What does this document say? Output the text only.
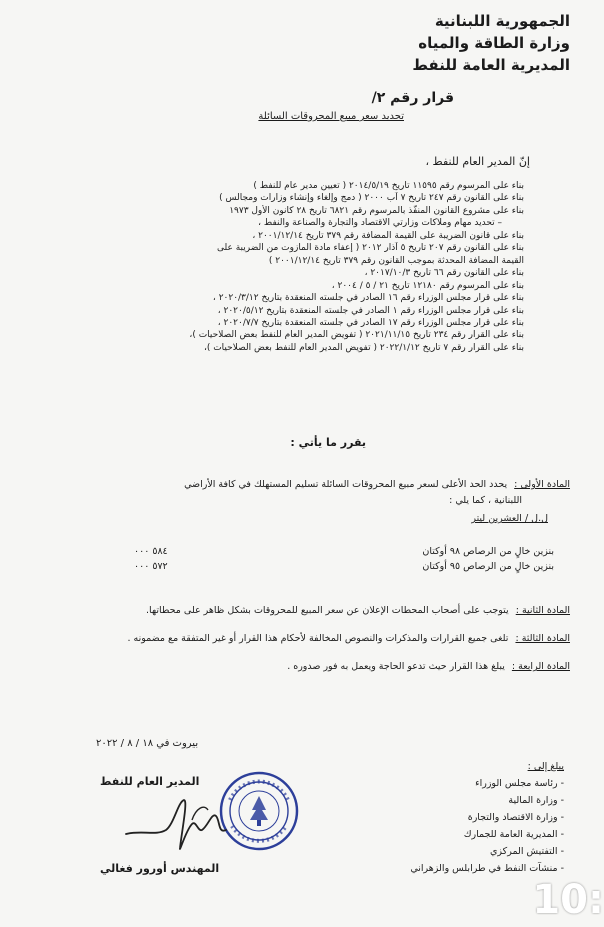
الجمهورية اللبنانية
وزارة الطاقة والمياه
المديرية العامة للنفط
قرار رقم ٢/
تحديد سعر مبيع المحروقات السائلة
إنّ المدير العام للنفط ،
بناء على المرسوم رقم ١١٥٩٥ تاريخ ٢٠١٤/٥/١٩ ( تعيين مدير عام للنفط )
بناء على القانون رقم ٢٤٧ تاريخ ٧ آب ٢٠٠٠ ( دمج وإلغاء وإنشاء وزارات ومجالس )
بناء على مشروع القانون المنفّذ بالمرسوم رقم ٦٨٢١ تاريخ ٢٨ كانون الأول ١٩٧٣
– تحديد مهام وملاكات وزارتي الاقتصاد والتجارة والصناعة والنفط ،
بناء على قانون الضريبة على القيمة المضافة رقم ٣٧٩ تاريخ ٢٠٠١/١٢/١٤ ،
بناء على القانون رقم ٢٠٧ تاريخ ٥ آذار ٢٠١٢ ( إعفاء مادة المازوت من الضريبة على
القيمة المضافة المحدثة بموجب القانون رقم ٣٧٩ تاريخ ٢٠٠١/١٢/١٤ )
بناء على القانون رقم ٦٦ تاريخ ٢٠١٧/١٠/٣ ،
بناء على المرسوم رقم ١٢١٨٠ تاريخ ٢١ / ٥ / ٢٠٠٤ ،
بناء على قرار مجلس الوزراء رقم ١٦ الصادر في جلسته المنعقدة بتاريخ ٢٠٢٠/٣/١٢ ،
بناء على قرار مجلس الوزراء رقم ١ الصادر في جلسته المنعقدة بتاريخ ٢٠٢٠/٥/١٢ ،
بناء على قرار مجلس الوزراء رقم ١٧ الصادر في جلسته المنعقدة بتاريخ ٢٠٢٠/٧/٧ ،
بناء على القرار رقم ٢٣٤ تاريخ ٢٠٢١/١١/١٥ ( تفويض المدير العام للنفط بعض الصلاحيات )،
بناء على القرار رقم ٧ تاريخ ٢٠٢٢/١/١٢ ( تفويض المدير العام للنفط بعض الصلاحيات )،
يقرر ما يأتي :
المادة الأولى : يحدد الحد الأعلى لسعر مبيع المحروقات السائلة تسليم المستهلك في كافة الأراضي
اللبنانية ، كما يلي :
ل.ل / العشرين ليتر
بنزين خالٍ من الرصاص ٩٨ أوكتان
٥٨٤ ٠٠٠
بنزين خالٍ من الرصاص ٩٥ أوكتان
٥٧٢ ٠٠٠
المادة الثانية : يتوجب على أصحاب المحطات الإعلان عن سعر المبيع للمحروقات بشكل ظاهر على محطاتها.
المادة الثالثة : تلغى جميع القرارات والمذكرات والنصوص المخالفة لأحكام هذا القرار أو غير المتفقة مع مضمونه .
المادة الرابعة : يبلغ هذا القرار حيث تدعو الحاجة ويعمل به فور صدوره .
بيروت في ١٨ / ٨ / ٢٠٢٢
المدير العام للنفط
المهندس أورور فغالي
يبلغ إلى :
- رئاسة مجلس الوزراء
- وزارة المالية
- وزارة الاقتصاد والتجارة
- المديرية العامة للجمارك
- التفتيش المركزي
- منشآت النفط في طرابلس والزهراني
10:
